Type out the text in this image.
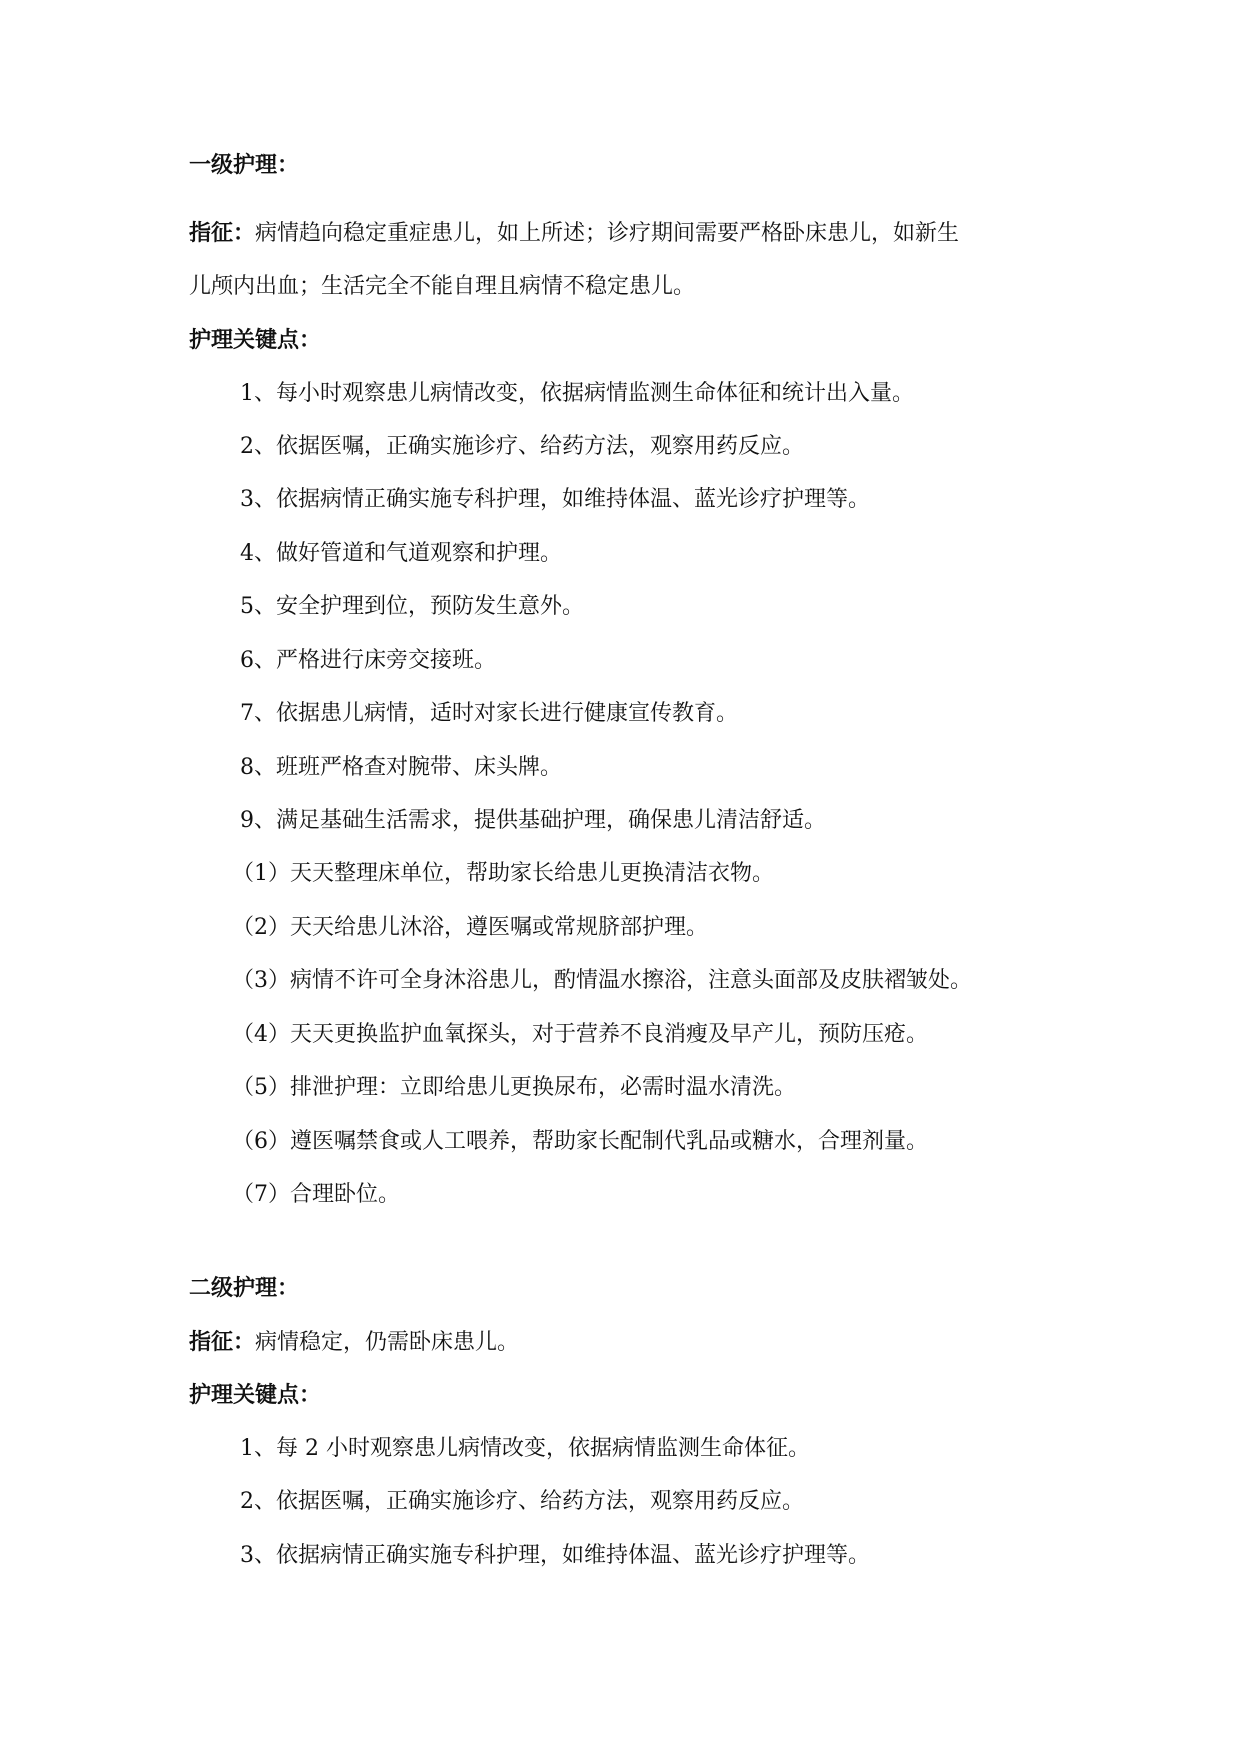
一级护理：
指征：病情趋向稳定重症患儿，如上所述；诊疗期间需要严格卧床患儿，如新生
儿颅内出血；生活完全不能自理且病情不稳定患儿。
护理关键点：
1、每小时观察患儿病情改变，依据病情监测生命体征和统计出入量。
2、依据医嘱，正确实施诊疗、给药方法，观察用药反应。
3、依据病情正确实施专科护理，如维持体温、蓝光诊疗护理等。
4、做好管道和气道观察和护理。
5、安全护理到位，预防发生意外。
6、严格进行床旁交接班。
7、依据患儿病情，适时对家长进行健康宣传教育。
8、班班严格查对腕带、床头牌。
9、满足基础生活需求，提供基础护理，确保患儿清洁舒适。
（1）天天整理床单位，帮助家长给患儿更换清洁衣物。
（2）天天给患儿沐浴，遵医嘱或常规脐部护理。
（3）病情不许可全身沐浴患儿，酌情温水擦浴，注意头面部及皮肤褶皱处。
（4）天天更换监护血氧探头，对于营养不良消瘦及早产儿，预防压疮。
（5）排泄护理：立即给患儿更换尿布，必需时温水清洗。
（6）遵医嘱禁食或人工喂养，帮助家长配制代乳品或糖水，合理剂量。
（7）合理卧位。
二级护理：
指征：病情稳定，仍需卧床患儿。
护理关键点：
1、每 2 小时观察患儿病情改变，依据病情监测生命体征。
2、依据医嘱，正确实施诊疗、给药方法，观察用药反应。
3、依据病情正确实施专科护理，如维持体温、蓝光诊疗护理等。
